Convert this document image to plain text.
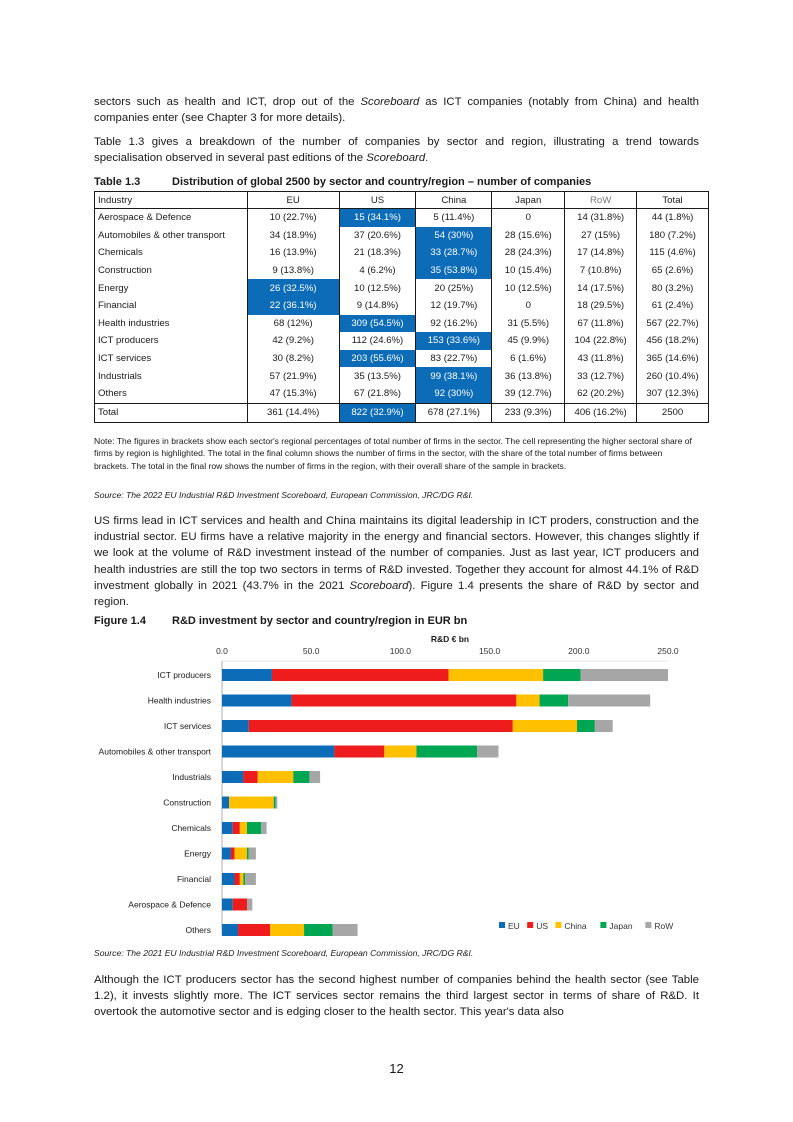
sectors such as health and ICT, drop out of the Scoreboard as ICT companies (notably from China) and health companies enter (see Chapter 3 for more details).

Table 1.3 gives a breakdown of the number of companies by sector and region, illustrating a trend towards specialisation observed in several past editions of the Scoreboard.

Table 1.3	Distribution of global 2500 by sector and country/region – number of companies

Industry	EU	US	China	Japan	RoW	Total
Aerospace & Defence	10 (22.7%)	15 (34.1%)	5 (11.4%)	0	14 (31.8%)	44 (1.8%)
Automobiles & other transport	34 (18.9%)	37 (20.6%)	54 (30%)	28 (15.6%)	27 (15%)	180 (7.2%)
Chemicals	16 (13.9%)	21 (18.3%)	33 (28.7%)	28 (24.3%)	17 (14.8%)	115 (4.6%)
Construction	9 (13.8%)	4 (6.2%)	35 (53.8%)	10 (15.4%)	7 (10.8%)	65 (2.6%)
Energy	26 (32.5%)	10 (12.5%)	20 (25%)	10 (12.5%)	14 (17.5%)	80 (3.2%)
Financial	22 (36.1%)	9 (14.8%)	12 (19.7%)	0	18 (29.5%)	61 (2.4%)
Health industries	68 (12%)	309 (54.5%)	92 (16.2%)	31 (5.5%)	67 (11.8%)	567 (22.7%)
ICT producers	42 (9.2%)	112 (24.6%)	153 (33.6%)	45 (9.9%)	104 (22.8%)	456 (18.2%)
ICT services	30 (8.2%)	203 (55.6%)	83 (22.7%)	6 (1.6%)	43 (11.8%)	365 (14.6%)
Industrials	57 (21.9%)	35 (13.5%)	99 (38.1%)	36 (13.8%)	33 (12.7%)	260 (10.4%)
Others	47 (15.3%)	67 (21.8%)	92 (30%)	39 (12.7%)	62 (20.2%)	307 (12.3%)
Total	361 (14.4%)	822 (32.9%)	678 (27.1%)	233 (9.3%)	406 (16.2%)	2500

Note: The figures in brackets show each sector's regional percentages of total number of firms in the sector. The cell representing the higher sectoral share of firms by region is highlighted. The total in the final column shows the number of firms in the sector, with the share of the total number of firms between brackets. The total in the final row shows the number of firms in the region, with their overall share of the sample in brackets.

Source: The 2022 EU Industrial R&D Investment Scoreboard, European Commission, JRC/DG R&I.

US firms lead in ICT services and health and China maintains its digital leadership in ICT proders, construction and the industrial sector. EU firms have a relative majority in the energy and financial sectors. However, this changes slightly if we look at the volume of R&D investment instead of the number of companies. Just as last year, ICT producers and health industries are still the top two sectors in terms of R&D invested. Together they account for almost 44.1% of R&D investment globally in 2021 (43.7% in the 2021 Scoreboard). Figure 1.4 presents the share of R&D by sector and region.

Figure 1.4 R&D investment by sector and country/region in EUR bn

R&D € bn
0.0	50.0	100.0	150.0	200.0	250.0
ICT producers
Health industries
ICT services
Automobiles & other transport
Industrials
Construction
Chemicals
Energy
Financial
Aerospace & Defence
Others	EU US China	Japan	RoW

Source: The 2021 EU Industrial R&D Investment Scoreboard, European Commission, JRC/DG R&I.

Although the ICT producers sector has the second highest number of companies behind the health sector (see Table 1.2), it invests slightly more. The ICT services sector remains the third largest sector in terms of share of R&D. It overtook the automotive sector and is edging closer to the health sector. This year's data also

12
